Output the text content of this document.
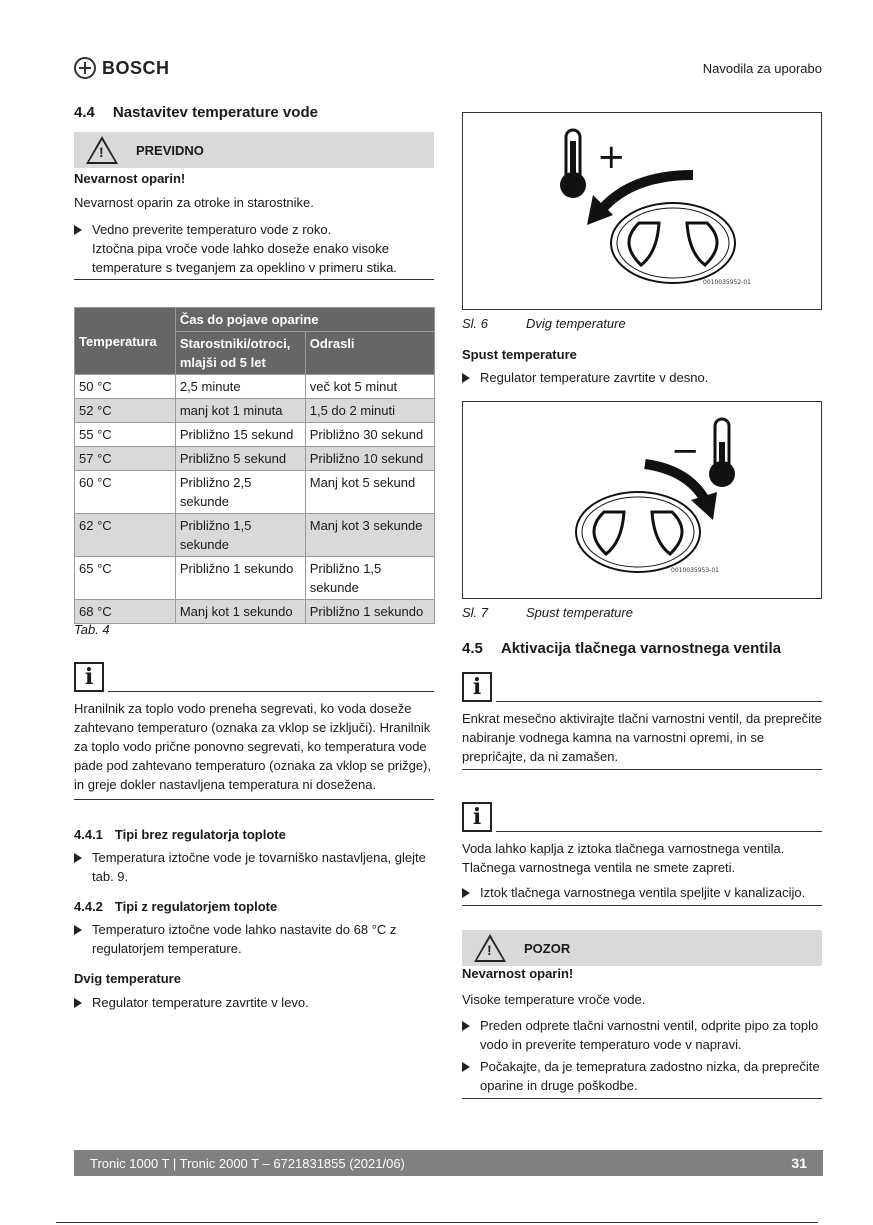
BOSCH	Navodila za uporabo
4.4 Nastavitev temperature vode
!
PREVIDNO
Nevarnost oparin!
Nevarnost oparin za otroke in starostnike.
Vedno preverite temperaturo vode z roko.
Iztočna pipa vroče vode lahko doseže enako visoke
temperature s tveganjem za opeklino v primeru stika.
Temperatura	Čas do pojave oparine	

	Starostniki/otroci,
mlajši od 5 let	Odrasli
50 °C	2,5 minute	več kot 5 minut
52 °C	manj kot 1 minuta	1,5 do 2 minuti
55 °C	Približno 15 sekund	Približno 30 sekund
57 °C	Približno 5 sekund	Približno 10 sekund
60 °C	Približno 2,5 sekunde	Manj kot 5 sekund
62 °C	Približno 1,5 sekunde	Manj kot 3 sekunde
65 °C	Približno 1 sekundo	Približno 1,5 sekunde
68 °C	Manj kot 1 sekundo	Približno 1 sekundo
Tab. 4
i
Hranilnik za toplo vodo preneha segrevati, ko voda doseže
zahtevano temperaturo (oznaka za vklop se izključi). Hranilnik
za toplo vodo prične ponovno segrevati, ko temperatura vode
pade pod zahtevano temperaturo (oznaka za vklop se prižge),
in greje dokler nastavljena temperatura ni dosežena.
4.4.1 Tipi brez regulatorja toplote
Temperatura iztočne vode je tovarniško nastavljena, glejte
tab. 9.
4.4.2 Tipi z regulatorjem toplote
Temperaturo iztočne vode lahko nastavite do 68 °C z
regulatorjem temperature.
Dvig temperature
Regulator temperature zavrtite v levo.
+
0010035952-01
Sl. 6	Dvig temperature
Spust temperature
Regulator temperature zavrtite v desno.
−
0010035953-01
Sl. 7	Spust temperature
4.5 Aktivacija tlačnega varnostnega ventila
i
Enkrat mesečno aktivirajte tlačni varnostni ventil, da preprečite
nabiranje vodnega kamna na varnostni opremi, in se
prepričajte, da ni zamašen.
i
Voda lahko kaplja z iztoka tlačnega varnostnega ventila.
Tlačnega varnostnega ventila ne smete zapreti.
Iztok tlačnega varnostnega ventila speljite v kanalizacijo.
!
POZOR
Nevarnost oparin!
Visoke temperature vroče vode.
Preden odprete tlačni varnostni ventil, odprite pipo za toplo
vodo in preverite temperaturo vode v napravi.
Počakajte, da je temepratura zadostno nizka, da preprečite
oparine in druge poškodbe.
Tronic 1000 T | Tronic 2000 T – 6721831855 (2021/06)	31
